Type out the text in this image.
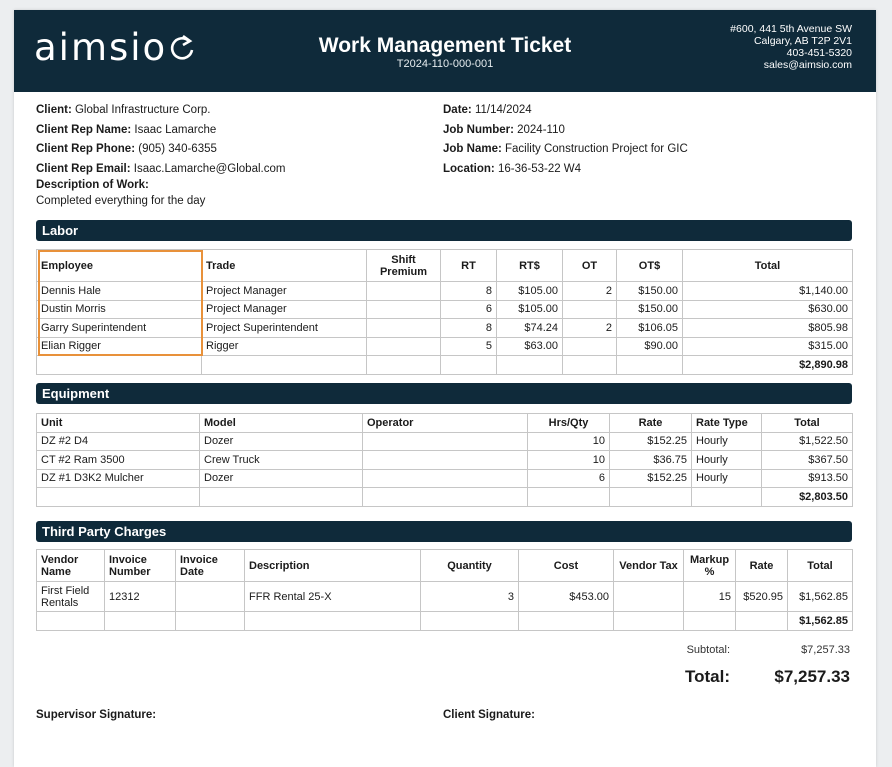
aimsio	Work Management Ticket
T2024-110-000-001
#600, 441 5th Avenue SW
Calgary, AB T2P 2V1
403-451-5320
sales@aimsio.com
Client: Global Infrastructure Corp.
Client Rep Name: Isaac Lamarche
Client Rep Phone: (905) 340-6355
Client Rep Email: Isaac.Lamarche@Global.com
Description of Work:
Completed everything for the day
Date: 11/14/2024
Job Number: 2024-110
Job Name: Facility Construction Project for GIC
Location: 16-36-53-22 W4
Labor
Employee	Trade	Shift Premium	RT	RT$	OT	OT$	Total
Dennis Hale	Project Manager		8	$105.00	2	$150.00	$1,140.00
Dustin Morris	Project Manager		6	$105.00		$150.00	$630.00
Garry Superintendent	Project Superintendent		8	$74.24	2	$106.05	$805.98
Elian Rigger	Rigger		5	$63.00		$90.00	$315.00
							$2,890.98
Equipment
Unit	Model	Operator	Hrs/Qty	Rate	Rate Type	Total
DZ #2 D4	Dozer		10	$152.25	Hourly	$1,522.50
CT #2 Ram 3500	Crew Truck		10	$36.75	Hourly	$367.50
DZ #1 D3K2 Mulcher	Dozer		6	$152.25	Hourly	$913.50
						$2,803.50
Third Party Charges
Vendor Name	Invoice Number	Invoice Date	Description	Quantity	Cost	Vendor Tax	Markup %	Rate	Total
First Field Rentals	12312		FFR Rental 25-X	3	$453.00		15	$520.95	$1,562.85
									$1,562.85
Subtotal:	$7,257.33
Total:	$7,257.33
Supervisor Signature:	Client Signature:
